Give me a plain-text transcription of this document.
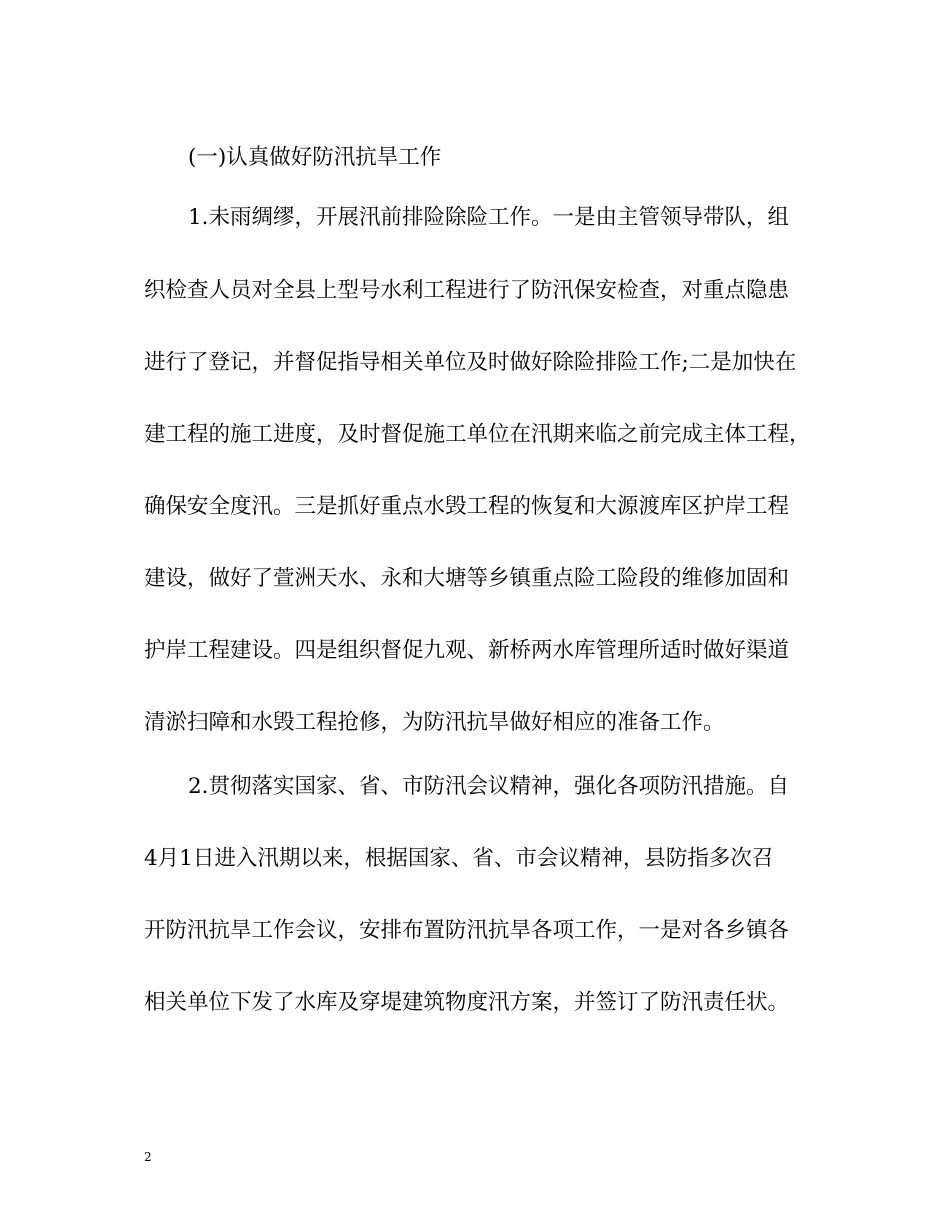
(一)认真做好防汛抗旱工作
1.未雨绸缪，开展汛前排险除险工作。一是由主管领导带队，组
织检查人员对全县上型号水利工程进行了防汛保安检查，对重点隐患
进行了登记，并督促指导相关单位及时做好除险排险工作;二是加快在
建工程的施工进度，及时督促施工单位在汛期来临之前完成主体工程，
确保安全度汛。三是抓好重点水毁工程的恢复和大源渡库区护岸工程
建设，做好了萱洲天水、永和大塘等乡镇重点险工险段的维修加固和
护岸工程建设。四是组织督促九观、新桥两水库管理所适时做好渠道
清淤扫障和水毁工程抢修，为防汛抗旱做好相应的准备工作。
2.贯彻落实国家、省、市防汛会议精神，强化各项防汛措施。自
4月1日进入汛期以来，根据国家、省、市会议精神，县防指多次召
开防汛抗旱工作会议，安排布置防汛抗旱各项工作，一是对各乡镇各
相关单位下发了水库及穿堤建筑物度汛方案，并签订了防汛责任状。
2
